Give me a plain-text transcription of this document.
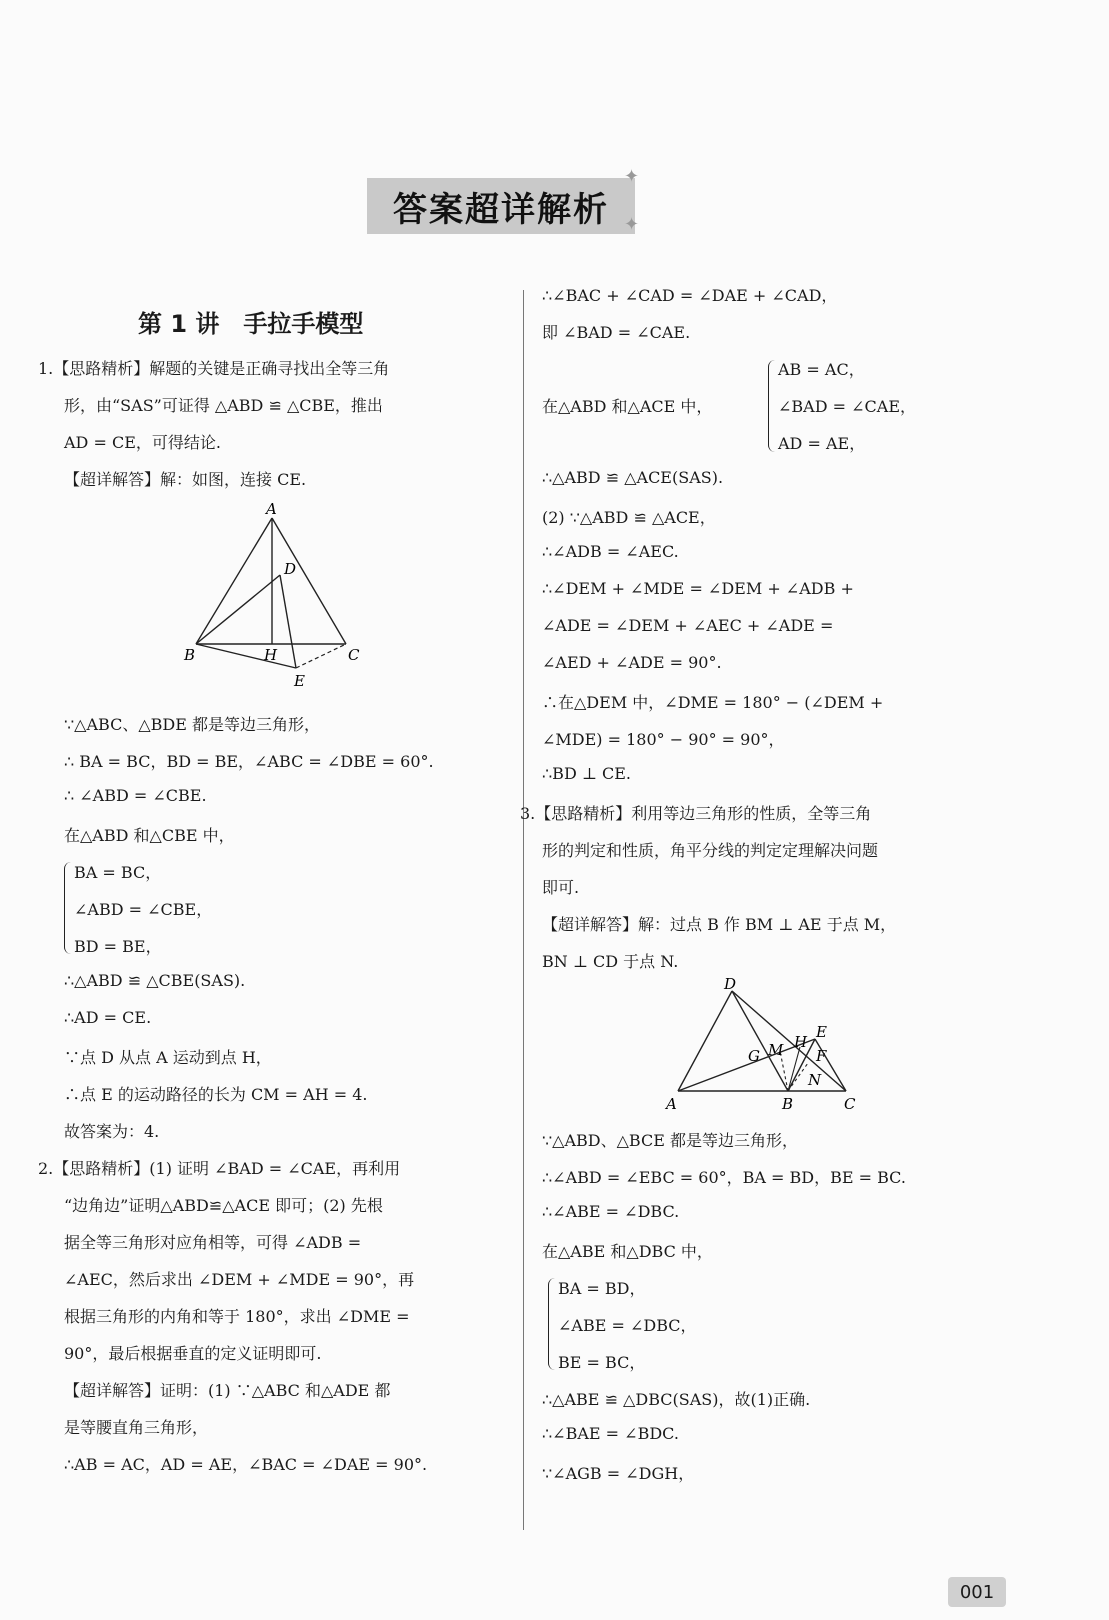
答案超详解析
✦
✦
第 1 讲　手拉手模型
1.【思路精析】解题的关键是正确寻找出全等三角
形，由“SAS”可证得 △ABD ≌ △CBE，推出
AD = CE，可得结论.
【超详解答】解：如图，连接 CE.
A
D
B	H	C
E
∵△ABC、△BDE 都是等边三角形，
∴ BA = BC，BD = BE，∠ABC = ∠DBE = 60°.
∴ ∠ABD = ∠CBE.
在△ABD 和△CBE 中，
BA = BC，
∠ABD = ∠CBE，
BD = BE，
∴△ABD ≌ △CBE(SAS).
∴AD = CE.
∵点 D 从点 A 运动到点 H，
∴点 E 的运动路径的长为 CM = AH = 4.
故答案为：4.
2.【思路精析】(1) 证明 ∠BAD = ∠CAE，再利用
“边角边”证明△ABD≌△ACE 即可；(2) 先根
据全等三角形对应角相等，可得 ∠ADB =
∠AEC，然后求出 ∠DEM + ∠MDE = 90°，再
根据三角形的内角和等于 180°，求出 ∠DME =
90°，最后根据垂直的定义证明即可.
【超详解答】证明：(1) ∵△ABC 和△ADE 都
是等腰直角三角形，
∴AB = AC，AD = AE，∠BAC = ∠DAE = 90°.
∴∠BAC + ∠CAD = ∠DAE + ∠CAD，
即 ∠BAD = ∠CAE.
AB = AC，
在△ABD 和△ACE 中，	∠BAD = ∠CAE，
AD = AE，
∴△ABD ≌ △ACE(SAS).
(2) ∵△ABD ≌ △ACE，
∴∠ADB = ∠AEC.
∴∠DEM + ∠MDE = ∠DEM + ∠ADB +
∠ADE = ∠DEM + ∠AEC + ∠ADE =
∠AED + ∠ADE = 90°.
∴在△DEM 中，∠DME = 180° − (∠DEM +
∠MDE) = 180° − 90° = 90°，
∴BD ⊥ CE.
3.【思路精析】利用等边三角形的性质，全等三角
形的判定和性质，角平分线的判定定理解决问题
即可.
【超详解答】解：过点 B 作 BM ⊥ AE 于点 M，
BN ⊥ CD 于点 N.
D
E
H
M
G	F
N
A	B	C
∵△ABD、△BCE 都是等边三角形，
∴∠ABD = ∠EBC = 60°，BA = BD，BE = BC.
∴∠ABE = ∠DBC.
在△ABE 和△DBC 中，
BA = BD，
∠ABE = ∠DBC，
BE = BC，
∴△ABE ≌ △DBC(SAS)，故(1)正确.
∴∠BAE = ∠BDC.
∵∠AGB = ∠DGH，
001
